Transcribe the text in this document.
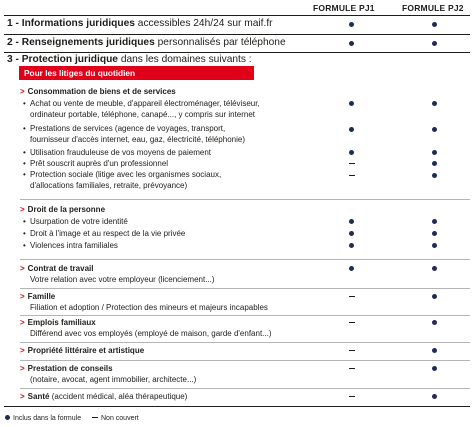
FORMULE PJ1	FORMULE PJ2
1 - Informations juridiques accessibles 24h/24 sur maif.fr
2 - Renseignements juridiques personnalisés par téléphone
3 - Protection juridique dans les domaines suivants :
Pour les litiges du quotidien
> Consommation de biens et de services
• Achat ou vente de meuble, d'appareil électroménager, téléviseur,
ordinateur portable, téléphone, canapé..., y compris sur internet
• Prestations de services (agence de voyages, transport,
fournisseur d'accès internet, eau, gaz, électricité, téléphonie)
• Utilisation frauduleuse de vos moyens de paiement
• Prêt souscrit auprès d'un professionnel
• Protection sociale (litige avec les organismes sociaux,
d'allocations familiales, retraite, prévoyance)
> Droit de la personne
• Usurpation de votre identité
• Droit à l'image et au respect de la vie privée
• Violences intra familiales
> Contrat de travail
Votre relation avec votre employeur (licenciement...)
> Famille
Filiation et adoption / Protection des mineurs et majeurs incapables
> Emplois familiaux
Différend avec vos employés (employé de maison, garde d'enfant...)
> Propriété littéraire et artistique
> Prestation de conseils
(notaire, avocat, agent immobilier, architecte...)
> Santé (accident médical, aléa thérapeutique)
Inclus dans la formule	Non couvert
